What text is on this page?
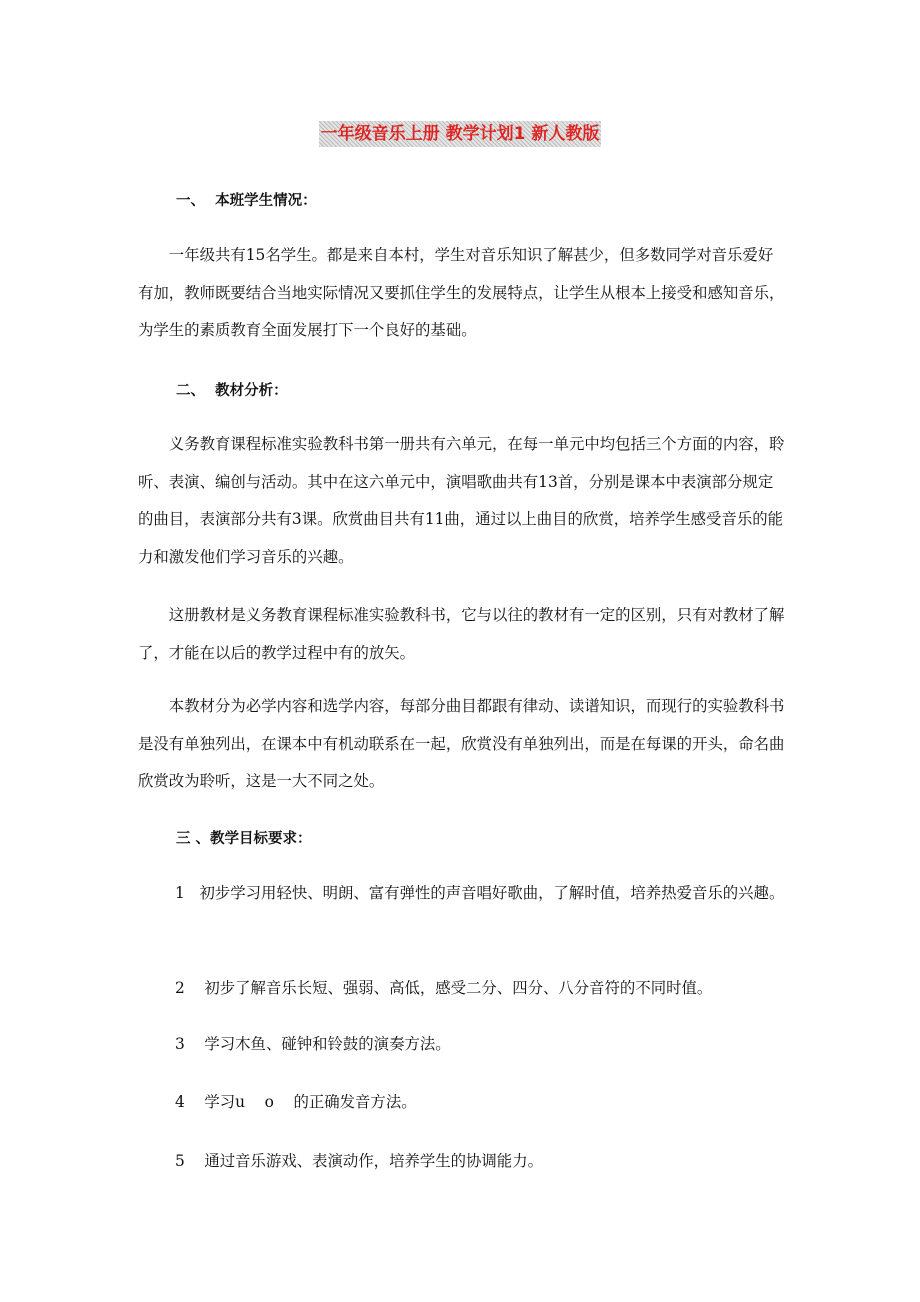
一年级音乐上册 教学计划1 新人教版
一、  本班学生情况：

一年级共有15名学生。都是来自本村，学生对音乐知识了解甚少，但多数同学对音乐爱好有加，教师既要结合当地实际情况又要抓住学生的发展特点，让学生从根本上接受和感知音乐，为学生的素质教育全面发展打下一个良好的基础。

二、  教材分析：

义务教育课程标准实验教科书第一册共有六单元，在每一单元中均包括三个方面的内容，聆听、表演、编创与活动。其中在这六单元中，演唱歌曲共有13首，分别是课本中表演部分规定的曲目，表演部分共有3课。欣赏曲目共有11曲，通过以上曲目的欣赏，培养学生感受音乐的能力和激发他们学习音乐的兴趣。

这册教材是义务教育课程标准实验教科书，它与以往的教材有一定的区别，只有对教材了解了，才能在以后的教学过程中有的放矢。

本教材分为必学内容和选学内容，每部分曲目都跟有律动、读谱知识，而现行的实验教科书是没有单独列出，在课本中有机动联系在一起，欣赏没有单独列出，而是在每课的开头，命名曲欣赏改为聆听，这是一大不同之处。

三 、教学目标要求：

1 初步学习用轻快、明朗、富有弹性的声音唱好歌曲，了解时值，培养热爱音乐的兴趣。

2 初步了解音乐长短、强弱、高低，感受二分、四分、八分音符的不同时值。

3 学习木鱼、碰钟和铃鼓的演奏方法。

4 学习u    o    的正确发音方法。

5 通过音乐游戏、表演动作，培养学生的协调能力。
